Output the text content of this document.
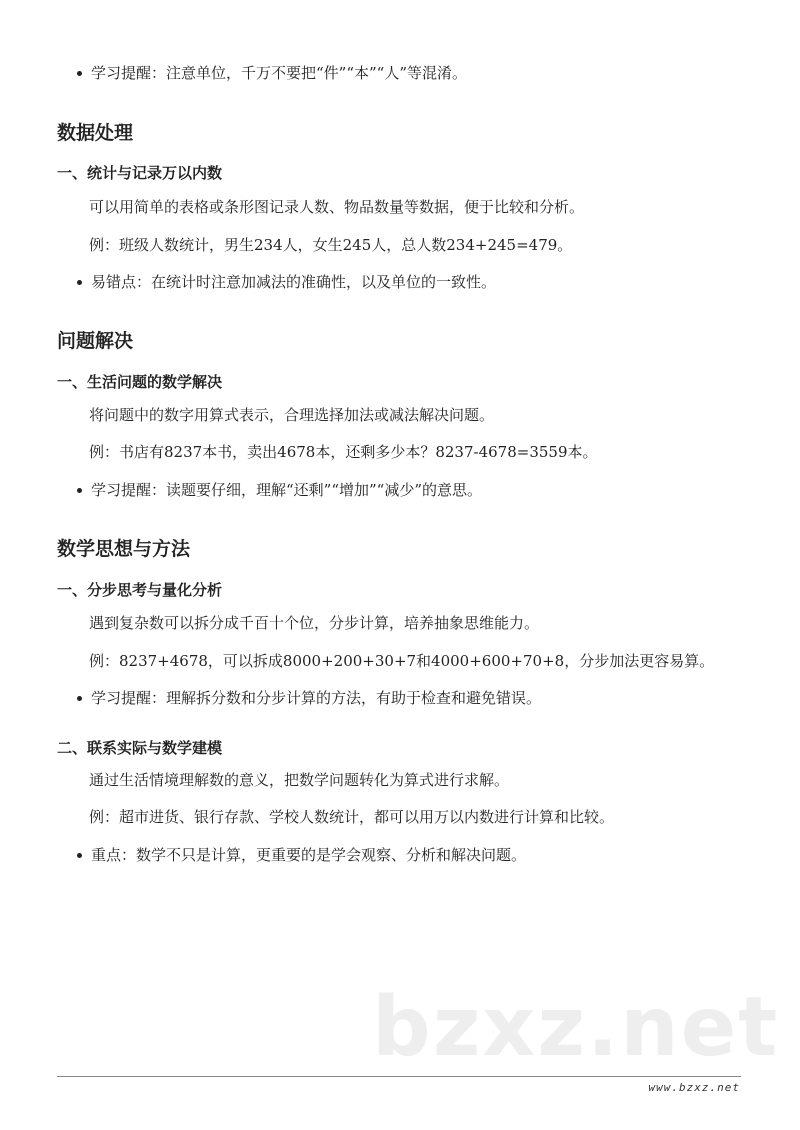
学习提醒：注意单位，千万不要把“件”“本”“人”等混淆。
数据处理
一、统计与记录万以内数
可以用简单的表格或条形图记录人数、物品数量等数据，便于比较和分析。
例：班级人数统计，男生234人，女生245人，总人数234+245=479。
易错点：在统计时注意加减法的准确性，以及单位的一致性。
问题解决
一、生活问题的数学解决
将问题中的数字用算式表示，合理选择加法或减法解决问题。
例：书店有8237本书，卖出4678本，还剩多少本？8237-4678=3559本。
学习提醒：读题要仔细，理解“还剩”“增加”“减少”的意思。
数学思想与方法
一、分步思考与量化分析
遇到复杂数可以拆分成千百十个位，分步计算，培养抽象思维能力。
例：8237+4678，可以拆成8000+200+30+7和4000+600+70+8，分步加法更容易算。
学习提醒：理解拆分数和分步计算的方法，有助于检查和避免错误。
二、联系实际与数学建模
通过生活情境理解数的意义，把数学问题转化为算式进行求解。
例：超市进货、银行存款、学校人数统计，都可以用万以内数进行计算和比较。
重点：数学不只是计算，更重要的是学会观察、分析和解决问题。
bzxz.net
www.bzxz.net
